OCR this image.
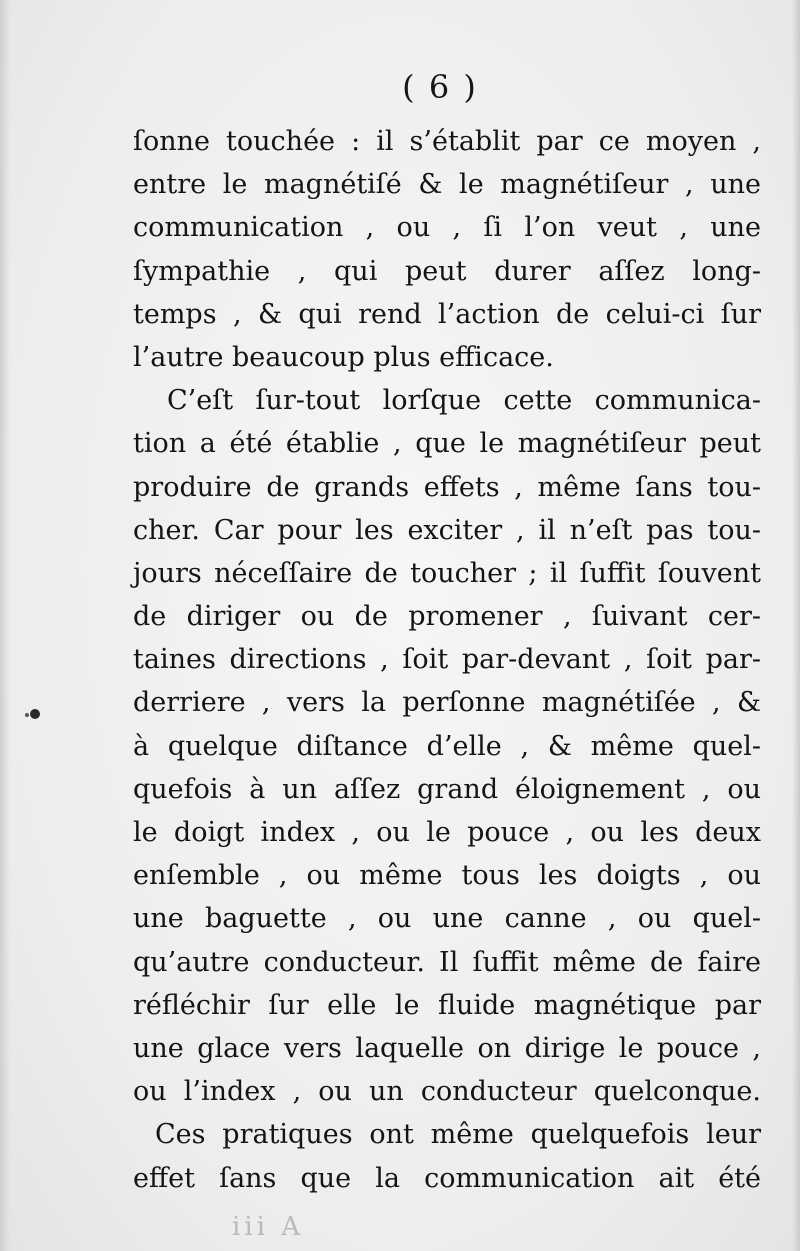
( 6 )
ſonne touchée : il s’établit par ce moyen ,
entre le magnétiſé & le magnétiſeur , une
communication , ou , ſi l’on veut , une
ſympathie , qui peut durer aſſez long-
temps , & qui rend l’action de celui-ci ſur
l’autre beaucoup plus efficace.
C’eſt ſur-tout lorſque cette communica-
tion a été établie , que le magnétiſeur peut
produire de grands effets , même ſans tou-
cher. Car pour les exciter , il n’eſt pas tou-
jours néceſſaire de toucher ; il ſuffit ſouvent
de diriger ou de promener , ſuivant cer-
taines directions , ſoit par-devant , ſoit par-
derriere , vers la perſonne magnétiſée , &
à quelque diſtance d’elle , & même quel-
quefois à un aſſez grand éloignement , ou
le doigt index , ou le pouce , ou les deux
enſemble , ou même tous les doigts , ou
une baguette , ou une canne , ou quel-
qu’autre conducteur. Il ſuffit même de faire
réfléchir ſur elle le fluide magnétique par
une glace vers laquelle on dirige le pouce ,
ou l’index , ou un conducteur quelconque.
Ces pratiques ont même quelquefois leur
effet ſans que la communication ait été
iii A
